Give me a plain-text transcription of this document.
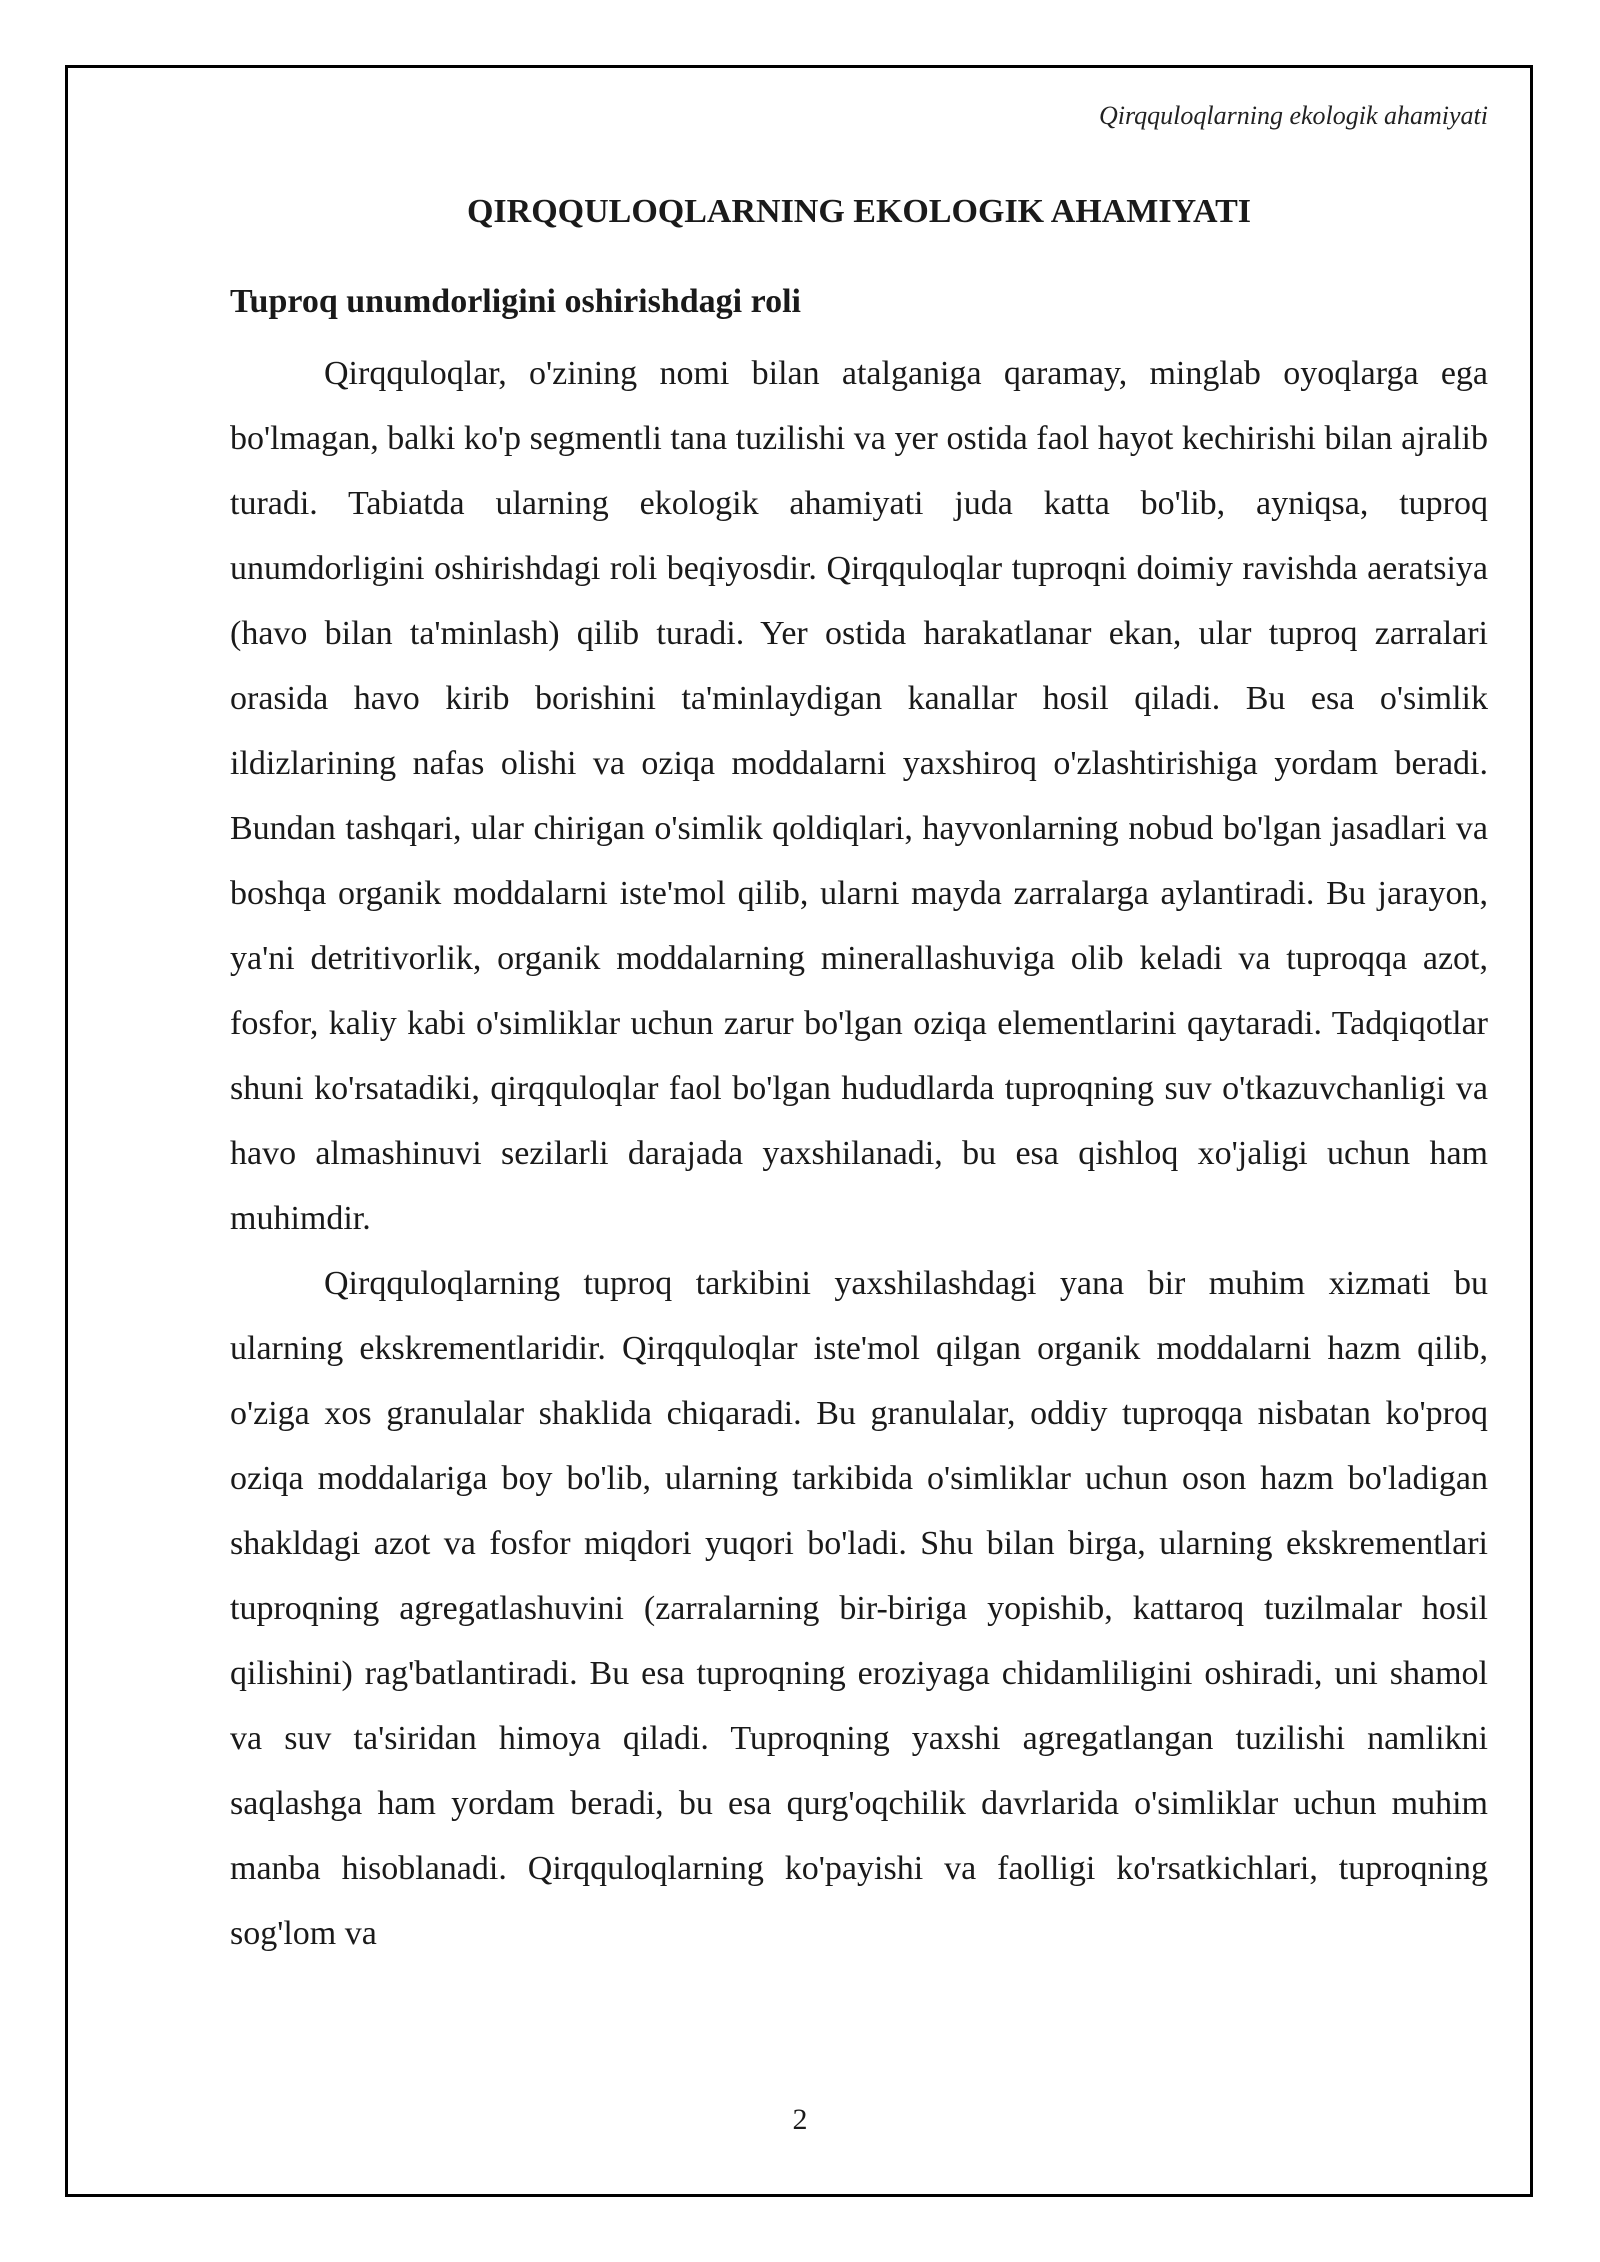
Qirqquloqlarning ekologik ahamiyati
QIRQQULOQLARNING EKOLOGIK AHAMIYATI
Tuproq unumdorligini oshirishdagi roli

Qirqquloqlar, o'zining nomi bilan atalganiga qaramay, minglab oyoqlarga ega bo'lmagan, balki ko'p segmentli tana tuzilishi va yer ostida faol hayot kechirishi bilan ajralib turadi. Tabiatda ularning ekologik ahamiyati juda katta bo'lib, ayniqsa, tuproq unumdorligini oshirishdagi roli beqiyosdir. Qirqquloqlar tuproqni doimiy ravishda aeratsiya (havo bilan ta'minlash) qilib turadi. Yer ostida harakatlanar ekan, ular tuproq zarralari orasida havo kirib borishini ta'minlaydigan kanallar hosil qiladi. Bu esa o'simlik ildizlarining nafas olishi va oziqa moddalarni yaxshiroq o'zlashtirishiga yordam beradi. Bundan tashqari, ular chirigan o'simlik qoldiqlari, hayvonlarning nobud bo'lgan jasadlari va boshqa organik moddalarni iste'mol qilib, ularni mayda zarralarga aylantiradi. Bu jarayon, ya'ni detritivorlik, organik moddalarning minerallashuviga olib keladi va tuproqqa azot, fosfor, kaliy kabi o'simliklar uchun zarur bo'lgan oziqa elementlarini qaytaradi. Tadqiqotlar shuni ko'rsatadiki, qirqquloqlar faol bo'lgan hududlarda tuproqning suv o'tkazuvchanligi va havo almashinuvi sezilarli darajada yaxshilanadi, bu esa qishloq xo'jaligi uchun ham muhimdir.

Qirqquloqlarning tuproq tarkibini yaxshilashdagi yana bir muhim xizmati bu ularning ekskrementlaridir. Qirqquloqlar iste'mol qilgan organik moddalarni hazm qilib, o'ziga xos granulalar shaklida chiqaradi. Bu granulalar, oddiy tuproqqa nisbatan ko'proq oziqa moddalariga boy bo'lib, ularning tarkibida o'simliklar uchun oson hazm bo'ladigan shakldagi azot va fosfor miqdori yuqori bo'ladi. Shu bilan birga, ularning ekskrementlari tuproqning agregatlashuvini (zarralarning bir-biriga yopishib, kattaroq tuzilmalar hosil qilishini) rag'batlantiradi. Bu esa tuproqning eroziyaga chidamliligini oshiradi, uni shamol va suv ta'siridan himoya qiladi. Tuproqning yaxshi agregatlangan tuzilishi namlikni saqlashga ham yordam beradi, bu esa qurg'oqchilik davrlarida o'simliklar uchun muhim manba hisoblanadi. Qirqquloqlarning ko'payishi va faolligi ko'rsatkichlari, tuproqning sog'lom va

2
